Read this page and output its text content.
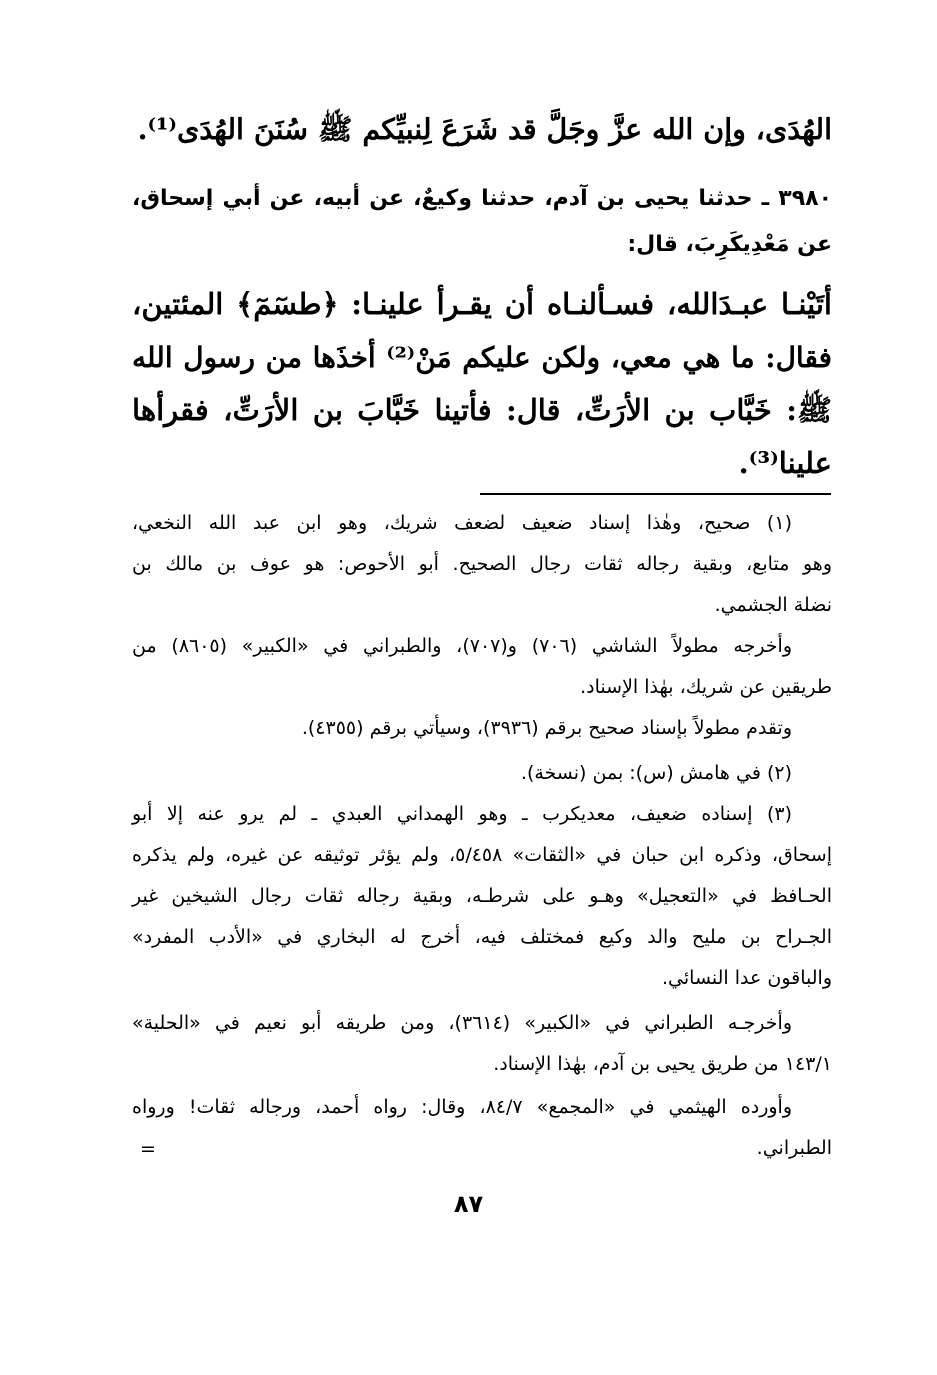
الهُدَى، وإن الله عزَّ وجَلَّ قد شَرَعَ لِنبيِّكم ﷺ سُنَنَ الهُدَى⁽¹⁾.
٣٩٨٠ ـ حدثنا يحيى بن آدم، حدثنا وكيعٌ، عن أبيه، عن أبي إسحاق،
عن مَعْدِيكَرِبَ، قال:
أتَيْنـا عبـدَالله، فسـألنـاه أن يقـرأ علينـا: ﴿طسٓمٓ﴾ المئتين،
فقال: ما هي معي، ولكن عليكم مَنْ⁽²⁾ أخذَها من رسول الله
ﷺ: خَبَّاب بن الأرَتِّ، قال: فأتينا خَبَّابَ بن الأرَتِّ، فقرأها
علينا⁽³⁾.
(١) صحيح، وهٰذا إسناد ضعيف لضعف شريك، وهو ابن عبد الله النخعي،
وهو متابع، وبقية رجاله ثقات رجال الصحيح. أبو الأحوص: هو عوف بن مالك بن
نضلة الجشمي.
وأخرجه مطولاً الشاشي (٧٠٦) و(٧٠٧)، والطبراني في «الكبير» (٨٦٠٥) من
طريقين عن شريك، بهٰذا الإسناد.
وتقدم مطولاً بإسناد صحيح برقم (٣٩٣٦)، وسيأتي برقم (٤٣٥٥).
(٢) في هامش (س): بمن (نسخة).
(٣) إسناده ضعيف، معديكرب ـ وهو الهمداني العبدي ـ لم يرو عنه إلا أبو
إسحاق، وذكره ابن حبان في «الثقات» ٥/٤٥٨، ولم يؤثر توثيقه عن غيره، ولم يذكره
الحـافظ في «التعجيل» وهـو على شرطـه، وبقية رجاله ثقات رجال الشيخين غير
الجـراح بن مليح والد وكيع فمختلف فيه، أخرج له البخاري في «الأدب المفرد»
والباقون عدا النسائي.
وأخرجـه الطبراني في «الكبير» (٣٦١٤)، ومن طريقه أبو نعيم في «الحلية»
١٤٣/١ من طريق يحيى بن آدم، بهٰذا الإسناد.
وأورده الهيثمي في «المجمع» ٨٤/٧، وقال: رواه أحمد، ورجاله ثقات! ورواه
الطبراني.
=
٨٧
